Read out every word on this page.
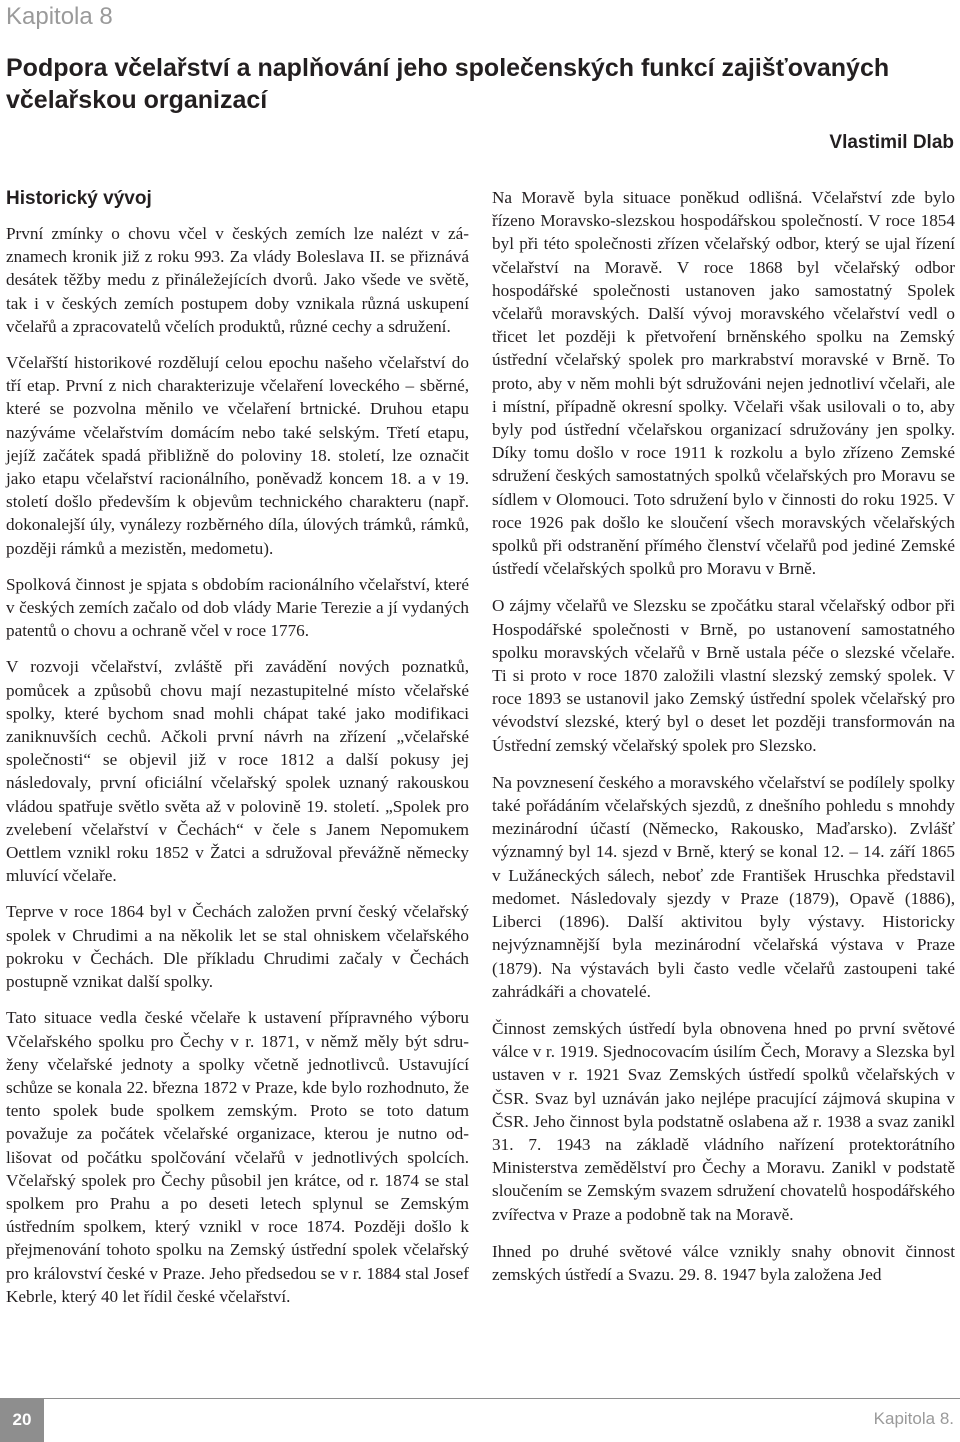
Kapitola 8
Podpora včelařství a naplňování jeho společenských funkcí zajišťovaných včelařskou organizací
Vlastimil Dlab
Historický vývoj

První zmínky o chovu včel v českých zemích lze nalézt v záznamech kronik již z roku 993. Za vlády Boleslava II. se přiznává desátek těžby medu z přináležejících dvorů. Jako všede ve světě, tak i v českých zemích postupem doby vznikala různá uskupení včelařů a zpracovatelů včelích produktů, různé cechy a sdružení.

Včelařští historikové rozdělují celou epochu našeho včelařství do tří etap. První z nich charakterizuje včelaření loveckého – sběrné, které se pozvolna měnilo ve včelaření brtnické. Druhou etapu nazýváme včelařstvím domácím nebo také selským. Třetí etapu, jejíž začátek spadá přibližně do poloviny 18. století, lze označit jako etapu včelařství racionálního, poněvadž koncem 18. a v 19. století došlo především k objevům technického charakteru (např. dokonalejší úly, vynálezy rozběrného díla, úlových trámků, rámků, později rámků a mezistěn, medometu).

Spolková činnost je spjata s obdobím racionálního včelařství, které v českých zemích začalo od dob vlády Marie Terezie a jí vydaných patentů o chovu a ochraně včel v roce 1776.

V rozvoji včelařství, zvláště při zavádění nových poznatků, pomůcek a způsobů chovu mají nezastupitelné místo včelařské spolky, které bychom snad mohli chápat také jako modifikaci zaniknuvších cechů. Ačkoli první návrh na zřízení „včelařské společnosti“ se objevil již v roce 1812 a další pokusy jej následovaly, první oficiální včelařský spolek uznaný rakouskou vládou spatřuje světlo světa až v polovině 19. století. „Spolek pro zvelebení včelařství v Čechách“ v čele s Janem Nepomukem Oettlem vznikl roku 1852 v Žatci a sdružoval převážně německy mluvící včelaře.

Teprve v roce 1864 byl v Čechách založen první český včelařský spolek v Chrudimi a na několik let se stal ohniskem včelařského pokroku v Čechách. Dle příkladu Chrudimi začaly v Čechách postupně vznikat další spolky.

Tato situace vedla české včelaře k ustavení přípravného výboru Včelařského spolku pro Čechy v r. 1871, v němž měly být sdruženy včelařské jednoty a spolky včetně jednotlivců. Ustavující schůze se konala 22. března 1872 v Praze, kde bylo rozhodnuto, že tento spolek bude spolkem zemským. Proto se toto datum považuje za počátek včelařské organizace, kterou je nutno odlišovat od počátku spolčování včelařů v jednotlivých spolcích. Včelařský spolek pro Čechy působil jen krátce, od r. 1874 se stal spolkem pro Prahu a po deseti letech splynul se Zemským ústředním spolkem, který vznikl v roce 1874. Později došlo k přejmenování tohoto spolku na Zemský ústřední spolek včelařský pro království české v Praze. Jeho předsedou se v r. 1884 stal Josef Kebrle, který 40 let řídil české včelařství.

Na Moravě byla situace poněkud odlišná. Včelařství zde bylo řízeno Moravsko-slezskou hospodářskou společností. V roce 1854 byl při této společnosti zřízen včelařský odbor, který se ujal řízení včelařství na Moravě. V roce 1868 byl včelařský odbor hospodářské společnosti ustanoven jako samostatný Spolek včelařů moravských. Další vývoj moravského včelařství vedl o třicet let později k přetvoření brněnského spolku na Zemský ústřední včelařský spolek pro markrabství moravské v Brně. To proto, aby v něm mohli být sdružováni nejen jednotliví včelaři, ale i místní, případně okresní spolky. Včelaři však usilovali o to, aby byly pod ústřední včelařskou organizací sdružovány jen spolky. Díky tomu došlo v roce 1911 k rozkolu a bylo zřízeno Zemské sdružení českých samostatných spolků včelařských pro Moravu se sídlem v Olomouci. Toto sdružení bylo v činnosti do roku 1925. V roce 1926 pak došlo ke sloučení všech moravských včelařských spolků při odstranění přímého členství včelařů pod jediné Zemské ústředí včelařských spolků pro Moravu v Brně.

O zájmy včelařů ve Slezsku se zpočátku staral včelařský odbor při Hospodářské společnosti v Brně, po ustanovení samostatného spolku moravských včelařů v Brně ustala péče o slezské včelaře. Ti si proto v roce 1870 založili vlastní slezský zemský spolek. V roce 1893 se ustanovil jako Zemský ústřední spolek včelařský pro vévodství slezské, který byl o deset let později transformován na Ústřední zemský včelařský spolek pro Slezsko.

Na povznesení českého a moravského včelařství se podílely spolky také pořádáním včelařských sjezdů, z dnešního pohledu s mnohdy mezinárodní účastí (Německo, Rakousko, Maďarsko). Zvlášť významný byl 14. sjezd v Brně, který se konal 12. – 14. září 1865 v Lužáneckých sálech, neboť zde František Hruschka představil medomet. Následovaly sjezdy v Praze (1879), Opavě (1886), Liberci (1896). Další aktivitou byly výstavy. Historicky nejvýznamnější byla mezinárodní včelařská výstava v Praze (1879). Na výstavách byli často vedle včelařů zastoupeni také zahrádkáři a chovatelé.

Činnost zemských ústředí byla obnovena hned po první světové válce v r. 1919. Sjednocovacím úsilím Čech, Moravy a Slezska byl ustaven v r. 1921 Svaz Zemských ústředí spolků včelařských v ČSR. Svaz byl uznáván jako nejlépe pracující zájmová skupina v ČSR. Jeho činnost byla podstatně oslabena až r. 1938 a svaz zanikl 31. 7. 1943 na základě vládního nařízení protektorátního Ministerstva zemědělství pro Čechy a Moravu. Zanikl v podstatě sloučením se Zemským svazem sdružení chovatelů hospodářského zvířectva v Praze a podobně tak na Moravě.

Ihned po druhé světové válce vznikly snahy obnovit činnost zemských ústředí a Svazu. 29. 8. 1947 byla založena Jed

20	Kapitola 8.
